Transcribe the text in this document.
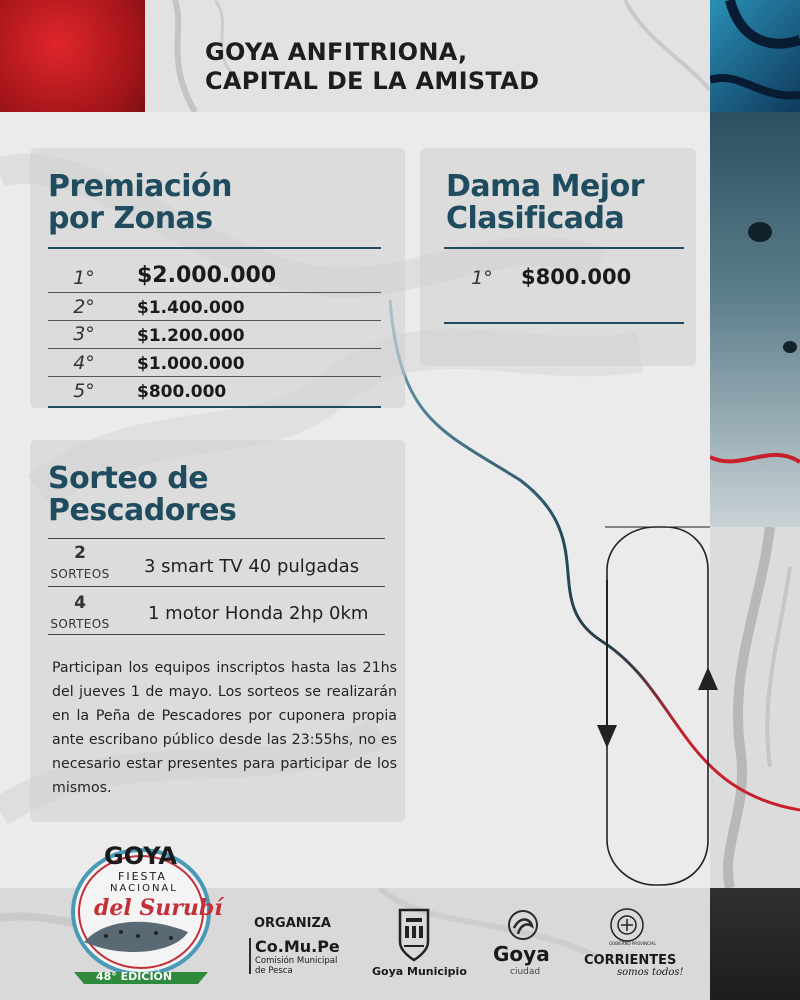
GOYA ANFITRIONA,
CAPITAL DE LA AMISTAD
Premiación
por Zonas
1°	$2.000.000
2°	$1.400.000
3°	$1.200.000
4°	$1.000.000
5°	$800.000
Dama Mejor
Clasificada
1°	$800.000
Sorteo de
Pescadores
2
SORTEOS	3 smart TV 40 pulgadas
4
SORTEOS	1 motor Honda 2hp 0km
Participan los equipos inscriptos hasta las 21hs del jueves 1 de mayo. Los sorteos se realizarán en la Peña de Pescadores por cuponera propia ante escribano público desde las 23:55hs, no es necesario estar presentes para participar de los mismos.
GOYA
FIESTA
NACIONAL
del Surubí
48° EDICIÓN
ORGANIZA
Co.Mu.Pe
Comisión Municipal de Pesca	Goya Municipio
Goya
ciudad
GOBIERNO PROVINCIAL
CORRIENTES
somos todos!
